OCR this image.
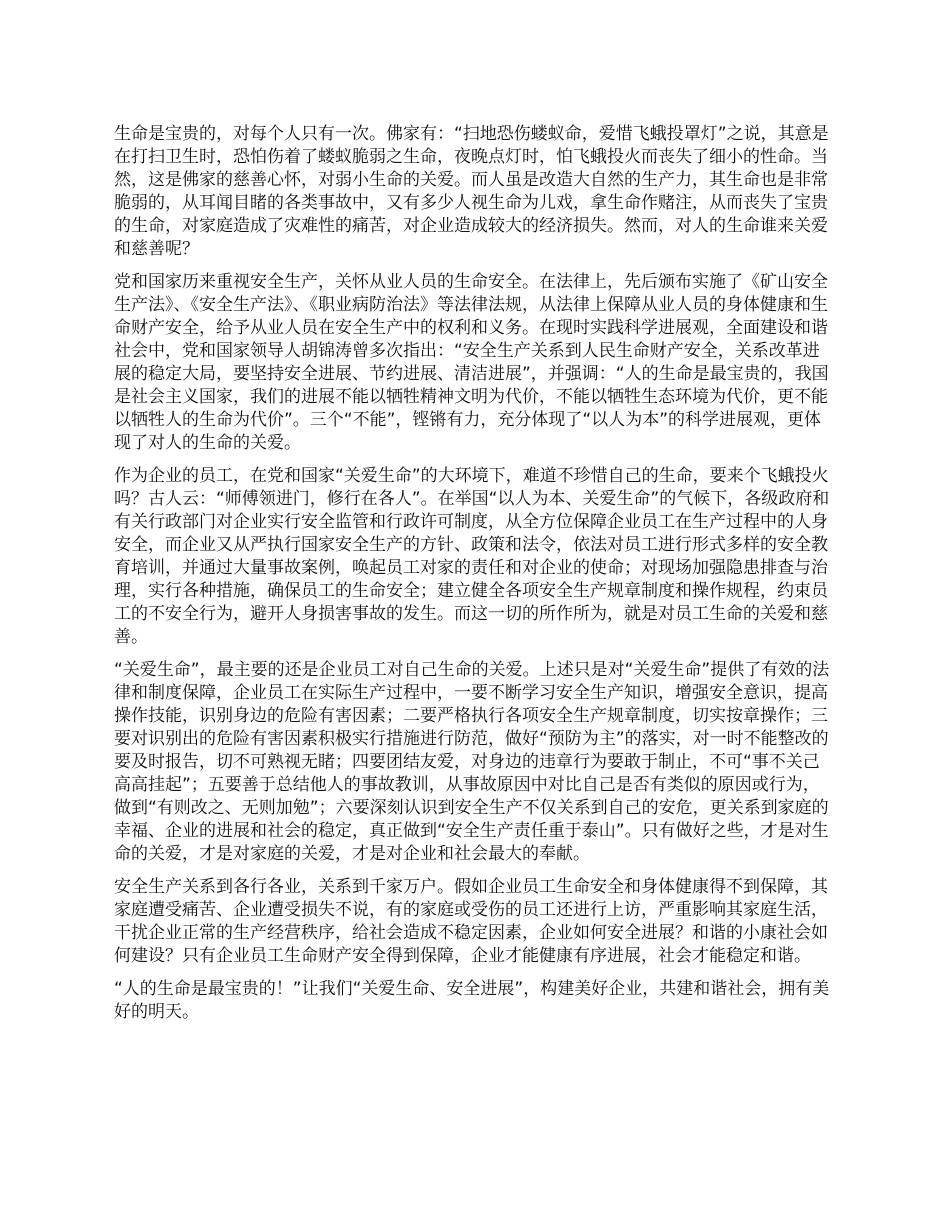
生命是宝贵的，对每个人只有一次。佛家有：“扫地恐伤蝼蚁命，爱惜飞蛾投罩灯”之说，其意是在打扫卫生时，恐怕伤着了蝼蚁脆弱之生命，夜晚点灯时，怕飞蛾投火而丧失了细小的性命。当然，这是佛家的慈善心怀，对弱小生命的关爱。而人虽是改造大自然的生产力，其生命也是非常脆弱的，从耳闻目睹的各类事故中，又有多少人视生命为儿戏，拿生命作赌注，从而丧失了宝贵的生命，对家庭造成了灾难性的痛苦，对企业造成较大的经济损失。然而，对人的生命谁来关爱和慈善呢？

党和国家历来重视安全生产，关怀从业人员的生命安全。在法律上，先后颁布实施了《矿山安全生产法》、《安全生产法》、《职业病防治法》等法律法规，从法律上保障从业人员的身体健康和生命财产安全，给予从业人员在安全生产中的权利和义务。在现时实践科学进展观，全面建设和谐社会中，党和国家领导人胡锦涛曾多次指出：“安全生产关系到人民生命财产安全，关系改革进展的稳定大局，要坚持安全进展、节约进展、清洁进展”，并强调：“人的生命是最宝贵的，我国是社会主义国家，我们的进展不能以牺牲精神文明为代价，不能以牺牲生态环境为代价，更不能以牺牲人的生命为代价”。三个“不能”，铿锵有力，充分体现了“以人为本”的科学进展观，更体现了对人的生命的关爱。

作为企业的员工，在党和国家“关爱生命”的大环境下，难道不珍惜自己的生命，要来个飞蛾投火吗？古人云：“师傅领进门，修行在各人”。在举国“以人为本、关爱生命”的气候下，各级政府和有关行政部门对企业实行安全监管和行政许可制度，从全方位保障企业员工在生产过程中的人身安全，而企业又从严执行国家安全生产的方针、政策和法令，依法对员工进行形式多样的安全教育培训，并通过大量事故案例，唤起员工对家的责任和对企业的使命；对现场加强隐患排查与治理，实行各种措施，确保员工的生命安全；建立健全各项安全生产规章制度和操作规程，约束员工的不安全行为，避开人身损害事故的发生。而这一切的所作所为，就是对员工生命的关爱和慈善。

“关爱生命”，最主要的还是企业员工对自己生命的关爱。上述只是对“关爱生命”提供了有效的法律和制度保障，企业员工在实际生产过程中，一要不断学习安全生产知识，增强安全意识，提高操作技能，识别身边的危险有害因素；二要严格执行各项安全生产规章制度，切实按章操作；三要对识别出的危险有害因素积极实行措施进行防范，做好“预防为主”的落实，对一时不能整改的要及时报告，切不可熟视无睹；四要团结友爱，对身边的违章行为要敢于制止，不可“事不关己高高挂起”；五要善于总结他人的事故教训，从事故原因中对比自己是否有类似的原因或行为，做到“有则改之、无则加勉”；六要深刻认识到安全生产不仅关系到自己的安危，更关系到家庭的幸福、企业的进展和社会的稳定，真正做到“安全生产责任重于泰山”。只有做好之些，才是对生命的关爱，才是对家庭的关爱，才是对企业和社会最大的奉献。

安全生产关系到各行各业，关系到千家万户。假如企业员工生命安全和身体健康得不到保障，其家庭遭受痛苦、企业遭受损失不说，有的家庭或受伤的员工还进行上访，严重影响其家庭生活，干扰企业正常的生产经营秩序，给社会造成不稳定因素，企业如何安全进展？和谐的小康社会如何建设？只有企业员工生命财产安全得到保障，企业才能健康有序进展，社会才能稳定和谐。

“人的生命是最宝贵的！”让我们“关爱生命、安全进展”，构建美好企业，共建和谐社会，拥有美好的明天。
